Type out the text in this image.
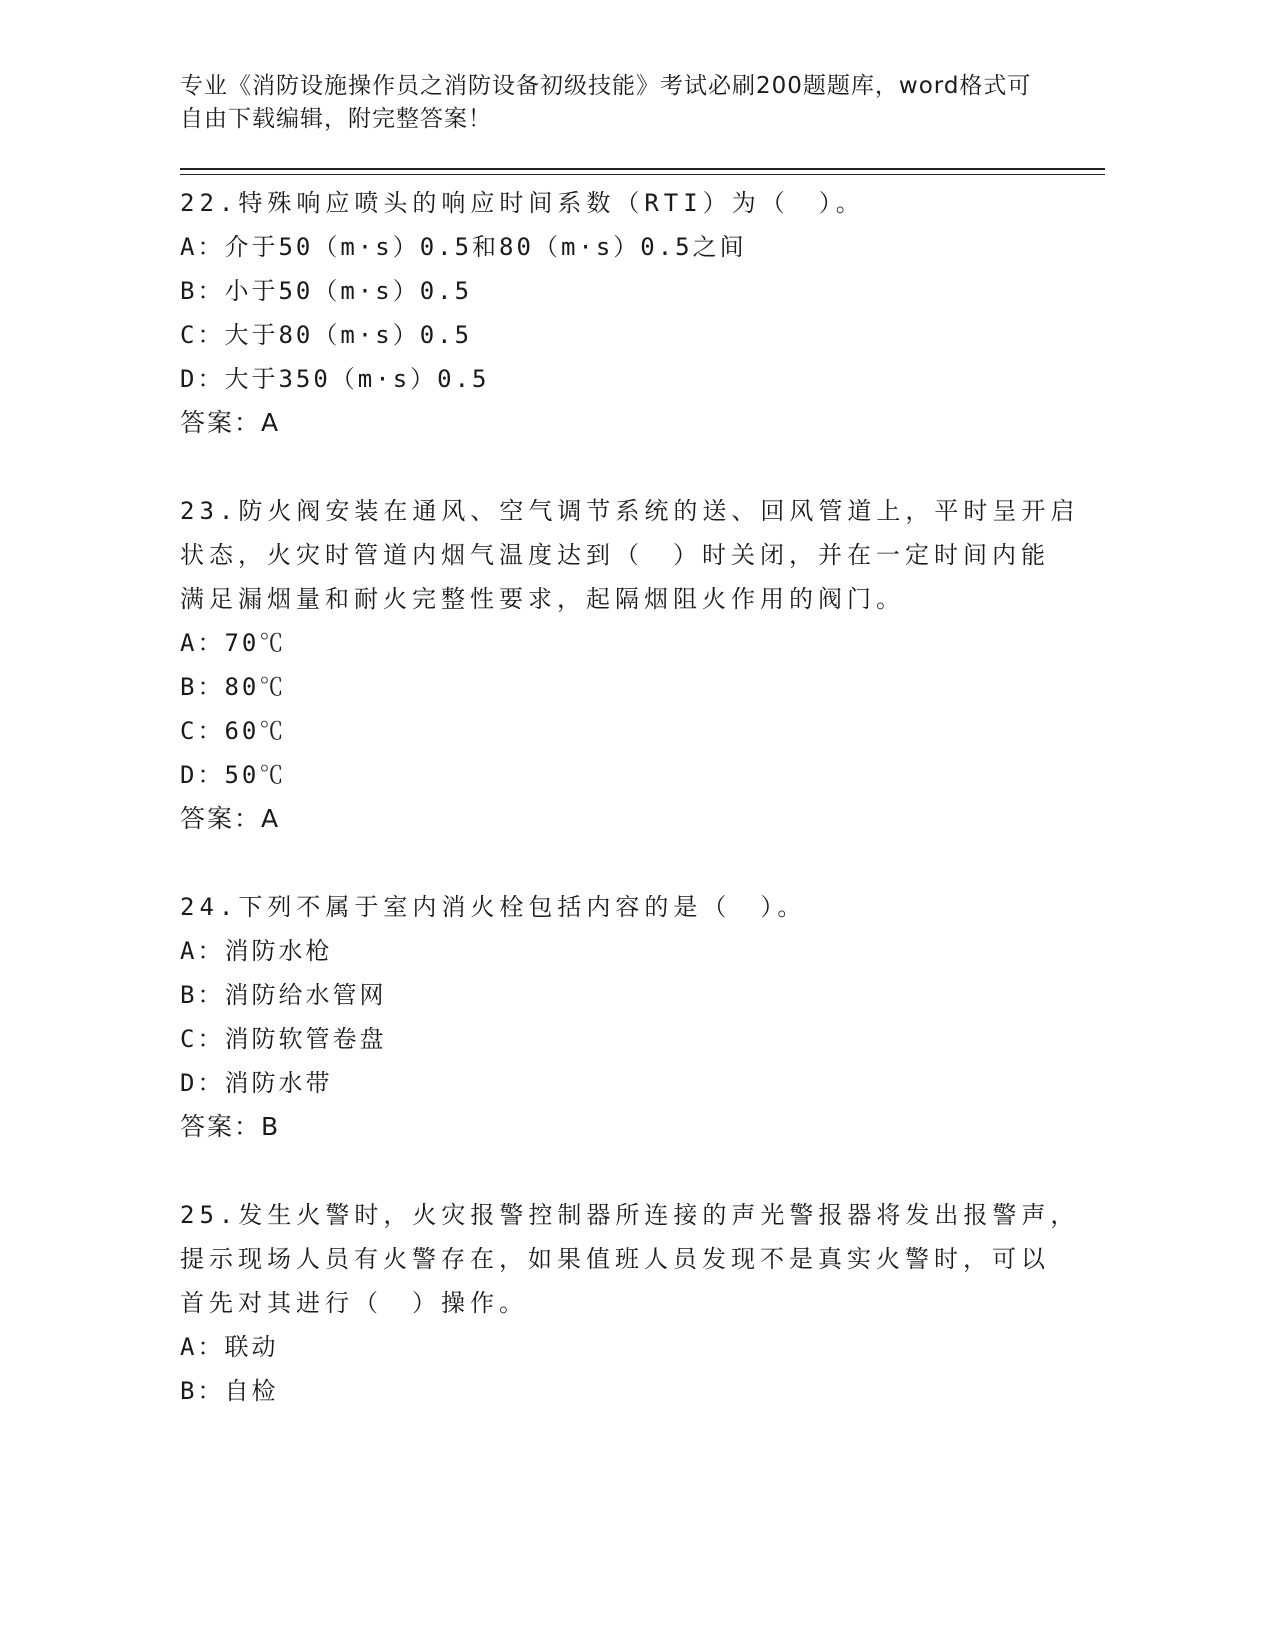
专业《消防设施操作员之消防设备初级技能》考试必刷200题题库，word格式可
自由下载编辑，附完整答案！
22.特殊响应喷头的响应时间系数（RTI）为（　）。
A：介于50（m·s）0.5和80（m·s）0.5之间
B：小于50（m·s）0.5
C：大于80（m·s）0.5
D：大于350（m·s）0.5
答案：A
23.防火阀安装在通风、空气调节系统的送、回风管道上，平时呈开启
状态，火灾时管道内烟气温度达到（　）时关闭，并在一定时间内能
满足漏烟量和耐火完整性要求，起隔烟阻火作用的阀门。
A：70℃
B：80℃
C：60℃
D：50℃
答案：A
24.下列不属于室内消火栓包括内容的是（　）。
A：消防水枪
B：消防给水管网
C：消防软管卷盘
D：消防水带
答案：B
25.发生火警时，火灾报警控制器所连接的声光警报器将发出报警声，
提示现场人员有火警存在，如果值班人员发现不是真实火警时，可以
首先对其进行（　）操作。
A：联动
B：自检
